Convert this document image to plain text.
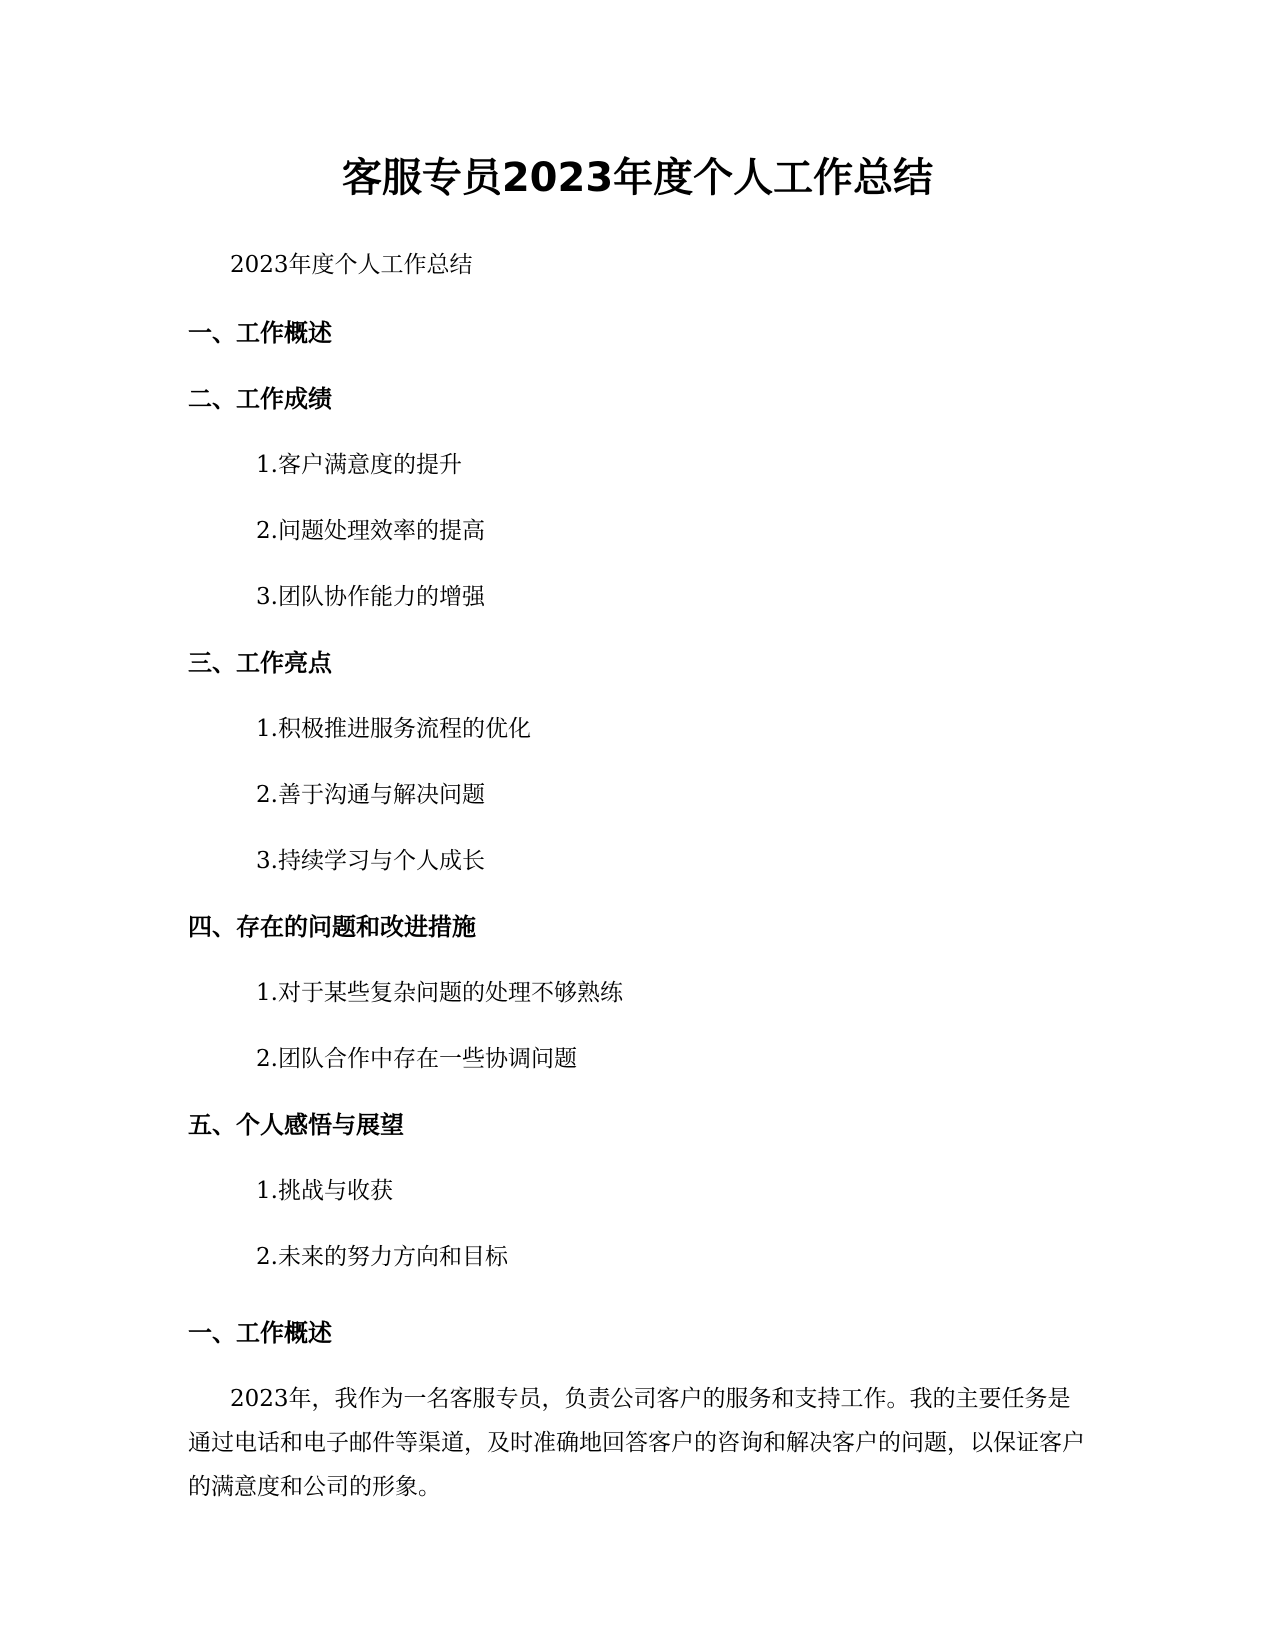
客服专员2023年度个人工作总结
2023年度个人工作总结
一、工作概述
二、工作成绩
1.客户满意度的提升
2.问题处理效率的提高
3.团队协作能力的增强
三、工作亮点
1.积极推进服务流程的优化
2.善于沟通与解决问题
3.持续学习与个人成长
四、存在的问题和改进措施
1.对于某些复杂问题的处理不够熟练
2.团队合作中存在一些协调问题
五、个人感悟与展望
1.挑战与收获
2.未来的努力方向和目标
一、工作概述
2023年，我作为一名客服专员，负责公司客户的服务和支持工作。我的主要任务是通过电话和电子邮件等渠道，及时准确地回答客户的咨询和解决客户的问题，以保证客户的满意度和公司的形象。
